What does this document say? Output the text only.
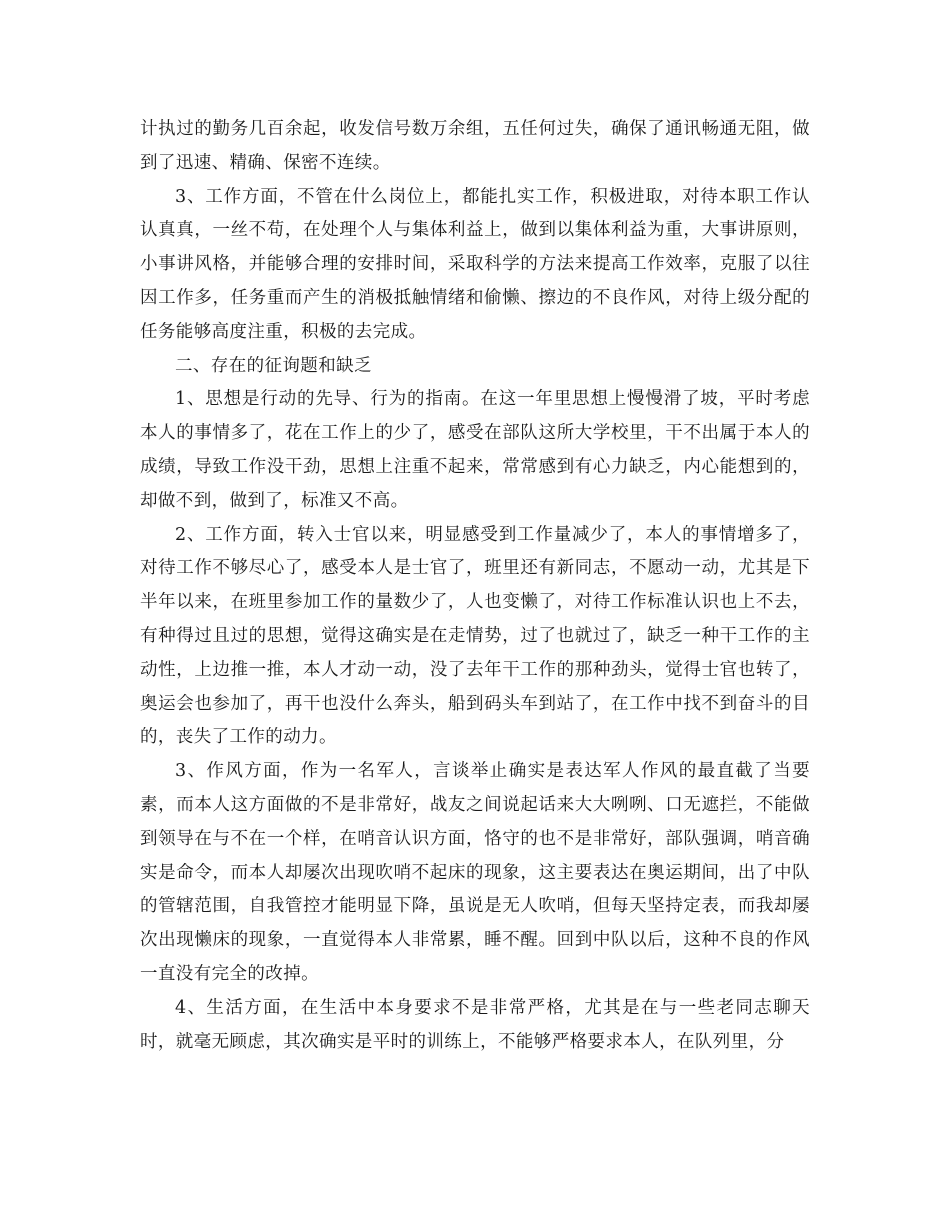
计执过的勤务几百余起，收发信号数万余组，五任何过失，确保了通讯畅通无阻，做到了迅速、精确、保密不连续。

3、工作方面，不管在什么岗位上，都能扎实工作，积极进取，对待本职工作认认真真，一丝不苟，在处理个人与集体利益上，做到以集体利益为重，大事讲原则，小事讲风格，并能够合理的安排时间，采取科学的方法来提高工作效率，克服了以往因工作多，任务重而产生的消极抵触情绪和偷懒、擦边的不良作风，对待上级分配的任务能够高度注重，积极的去完成。

二、存在的征询题和缺乏

1、思想是行动的先导、行为的指南。在这一年里思想上慢慢滑了坡，平时考虑本人的事情多了，花在工作上的少了，感受在部队这所大学校里，干不出属于本人的成绩，导致工作没干劲，思想上注重不起来，常常感到有心力缺乏，内心能想到的，却做不到，做到了，标准又不高。

2、工作方面，转入士官以来，明显感受到工作量减少了，本人的事情增多了，对待工作不够尽心了，感受本人是士官了，班里还有新同志，不愿动一动，尤其是下半年以来，在班里参加工作的量数少了，人也变懒了，对待工作标准认识也上不去，有种得过且过的思想，觉得这确实是在走情势，过了也就过了，缺乏一种干工作的主动性，上边推一推，本人才动一动，没了去年干工作的那种劲头，觉得士官也转了，奥运会也参加了，再干也没什么奔头，船到码头车到站了，在工作中找不到奋斗的目的，丧失了工作的动力。

3、作风方面，作为一名军人，言谈举止确实是表达军人作风的最直截了当要素，而本人这方面做的不是非常好，战友之间说起话来大大咧咧、口无遮拦，不能做到领导在与不在一个样，在哨音认识方面，恪守的也不是非常好，部队强调，哨音确实是命令，而本人却屡次出现吹哨不起床的现象，这主要表达在奥运期间，出了中队的管辖范围，自我管控才能明显下降，虽说是无人吹哨，但每天坚持定表，而我却屡次出现懒床的现象，一直觉得本人非常累，睡不醒。回到中队以后，这种不良的作风一直没有完全的改掉。

4、生活方面，在生活中本身要求不是非常严格，尤其是在与一些老同志聊天时，就毫无顾虑，其次确实是平时的训练上，不能够严格要求本人，在队列里，分
